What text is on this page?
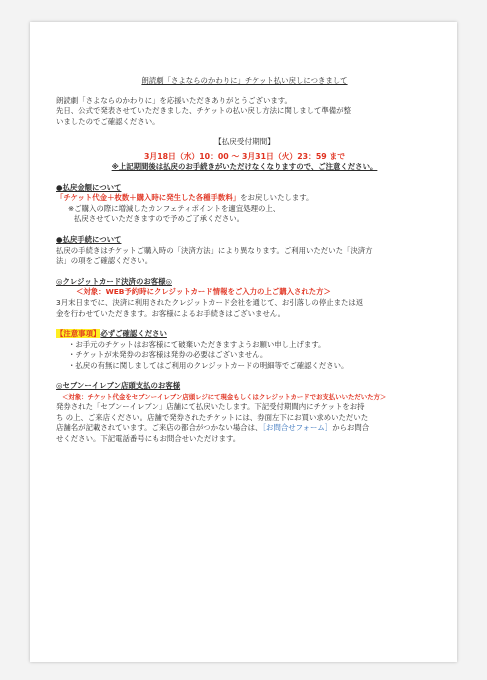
朗読劇「さよならのかわりに」チケット払い戻しにつきまして
朗読劇「さよならのかわりに」を応援いただきありがとうございます。
先日、公式で発表させていただきました、チケットの払い戻し方法に関しまして準備が整
いましたのでご確認ください。
【払戻受付期間】
3月18日（水）10：00 〜 3月31日（火）23：59 まで
※上記期間後は払戻のお手続きがいただけなくなりますので、ご注意ください。
●払戻金額について
「チケット代金＋枚数＋購入時に発生した各種手数料」をお戻しいたします。
※ご購入の際に増減したカンフェティポイントを適宜処理の上、
払戻させていただきますので予めご了承ください。
●払戻手続について
払戻の手続きはチケットご購入時の「決済方法」により異なります。ご利用いただいた「決済方
法」の項をご確認ください。
◎クレジットカード決済のお客様◎
＜対象：WEB予約時にクレジットカード情報をご入力の上ご購入された方＞
3月末日までに、決済に利用されたクレジットカード会社を通じて、お引落しの停止または返
金を行わせていただきます。お客様によるお手続きはございません。
【注意事項】必ずご確認ください
・お手元のチケットはお客様にて破棄いただきますようお願い申し上げます。
・チケットが未発券のお客様は発券の必要はございません。
・払戻の有無に関しましてはご利用のクレジットカードの明細等でご確認ください。
◎セブンーイレブン店頭支払のお客様
＜対象：チケット代金をセブンーイレブン店頭レジにて現金もしくはクレジットカードでお支払いいただいた方＞
発券された「セブンーイレブン」店舗にて払戻いたします。下記受付期間内にチケットをお持
ち の上、ご来店ください。店舗で発券されたチケットには、券面左下にお買い求めいただいた
店舗名が記載されています。ご来店の都合がつかない場合は、［お問合せフォーム］からお問合
せください。下記電話番号にもお問合せいただけます。
